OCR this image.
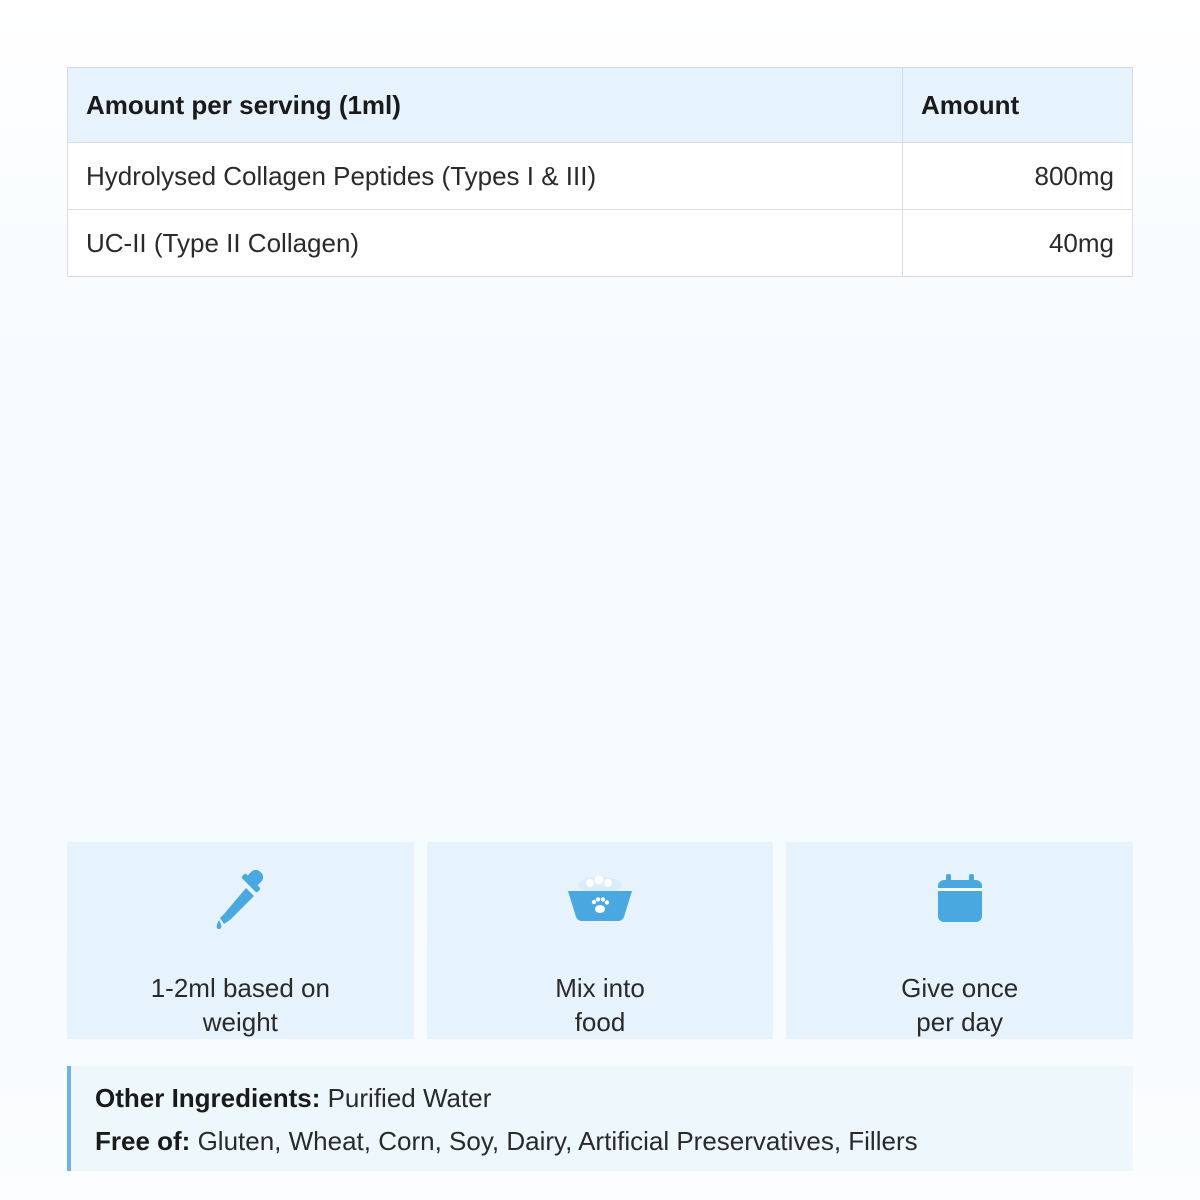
Amount per serving (1ml)	Amount
Hydrolysed Collagen Peptides (Types I & III)	800mg
UC-II (Type II Collagen)	40mg
1-2ml based on
weight
Mix into
food
Give once
per day
Other Ingredients: Purified Water
Free of: Gluten, Wheat, Corn, Soy, Dairy, Artificial Preservatives, Fillers
